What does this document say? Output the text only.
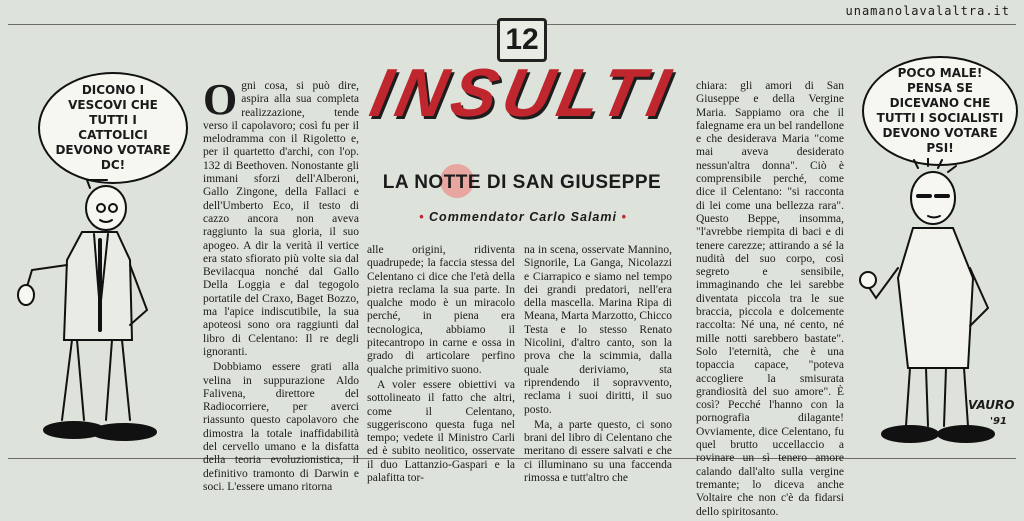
unamanolavalaltra.it
12
DICONO I VESCOVI CHE TUTTI I CATTOLICI DEVONO VOTARE DC!
INSULTI
LA NOTTE DI SAN GIUSEPPE
• Commendator Carlo Salami •

Ogni cosa, si può dire, aspira alla sua completa realizzazione, tende verso il capolavoro; così fu per il melodramma con il Rigoletto e, per il quartetto d'archi, con l'op. 132 di Beethoven. Nonostante gli immani sforzi dell'Alberoni, Gallo Zingone, della Fallaci e dell'Umberto Eco, il testo di cazzo ancora non aveva raggiunto la sua gloria, il suo apogeo. A dir la verità il vertice era stato sfiorato più volte sia dal Bevilacqua nonché dal Gallo Della Loggia e dal tegogolo portatile del Craxo, Baget Bozzo, ma l'apice indiscutibile, la sua apoteosi sono ora raggiunti dal libro di Celentano: Il re degli ignoranti.

Dobbiamo essere grati alla velina in suppurazione Aldo Falivena, direttore del Radiocorriere, per averci riassunto questo capolavoro che dimostra la totale inaffidabilità del cervello umano e la disfatta della teoria evoluzionistica, il definitivo tramonto di Darwin e soci. L'essere umano ritorna

alle origini, ridiventa quadrupede; la faccia stessa del Celentano ci dice che l'età della pietra reclama la sua parte. In qualche modo è un miracolo perché, in piena era tecnologica, abbiamo il pitecantropo in carne e ossa in grado di articolare perfino qualche primitivo suono.

A voler essere obiettivi va sottolineato il fatto che altri, come il Celentano, suggeriscono questa fuga nel tempo; vedete il Ministro Carli ed è subito neolitico, osservate il duo Lattanzio-Gaspari e la palafitta tor-

na in scena, osservate Mannino, Signorile, La Ganga, Nicolazzi e Ciarrapico e siamo nel tempo dei grandi predatori, nell'era della mascella. Marina Ripa di Meana, Marta Marzotto, Chicco Testa e lo stesso Renato Nicolini, d'altro canto, son la prova che la scimmia, dalla quale deriviamo, sta riprendendo il sopravvento, reclama i suoi diritti, il suo posto.

Ma, a parte questo, ci sono brani del libro di Celentano che meritano di essere salvati e che ci illuminano su una faccenda rimossa e tutt'altro che

chiara: gli amori di San Giuseppe e della Vergine Maria. Sappiamo ora che il falegname era un bel randellone e che desiderava Maria "come mai aveva desiderato nessun'altra donna". Ciò è comprensibile perché, come dice il Celentano: "si racconta di lei come una bellezza rara". Questo Beppe, insomma, "l'avrebbe riempita di baci e di tenere carezze; attirando a sé la nudità del suo corpo, così segreto e sensibile, immaginando che lei sarebbe diventata piccola tra le sue braccia, piccola e dolcemente raccolta: Né una, né cento, né mille notti sarebbero bastate". Solo l'eternità, che è una topaccia capace, "poteva accogliere la smisurata grandiosità del suo amore". È così? Pecché l'hanno con la pornografia dilagante! Ovviamente, dice Celentano, fu quel brutto uccellaccio a rovinare un sì tenero amore calando dall'alto sulla vergine tremante; lo diceva anche Voltaire che non c'è da fidarsi dello spiritosanto.

POCO MALE! PENSA SE DICEVANO CHE TUTTI I SOCIALISTI DEVONO VOTARE PSI!
VAURO
'91
